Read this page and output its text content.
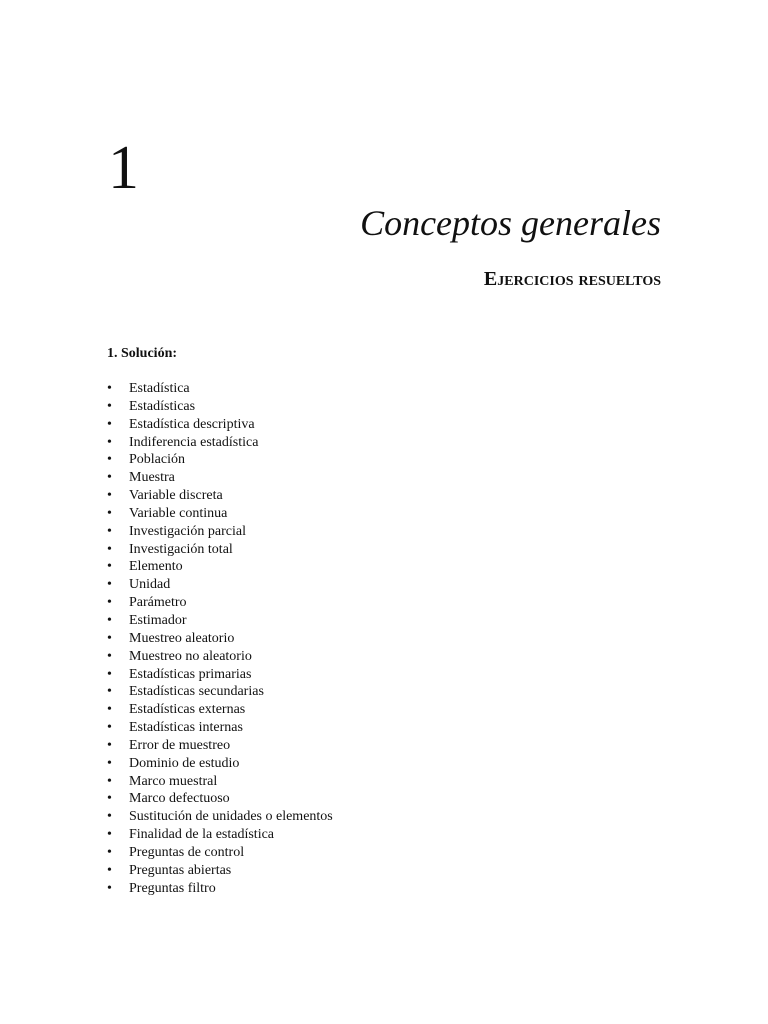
1
Conceptos generales
Ejercicios resueltos
1. Solución:
•	Estadística
•	Estadísticas
•	Estadística descriptiva
•	Indiferencia estadística
•	Población
•	Muestra
•	Variable discreta
•	Variable continua
•	Investigación parcial
•	Investigación total
•	Elemento
•	Unidad
•	Parámetro
•	Estimador
•	Muestreo aleatorio
•	Muestreo no aleatorio
•	Estadísticas primarias
•	Estadísticas secundarias
•	Estadísticas externas
•	Estadísticas internas
•	Error de muestreo
•	Dominio de estudio
•	Marco muestral
•	Marco defectuoso
•	Sustitución de unidades o elementos
•	Finalidad de la estadística
•	Preguntas de control
•	Preguntas abiertas
•	Preguntas filtro
